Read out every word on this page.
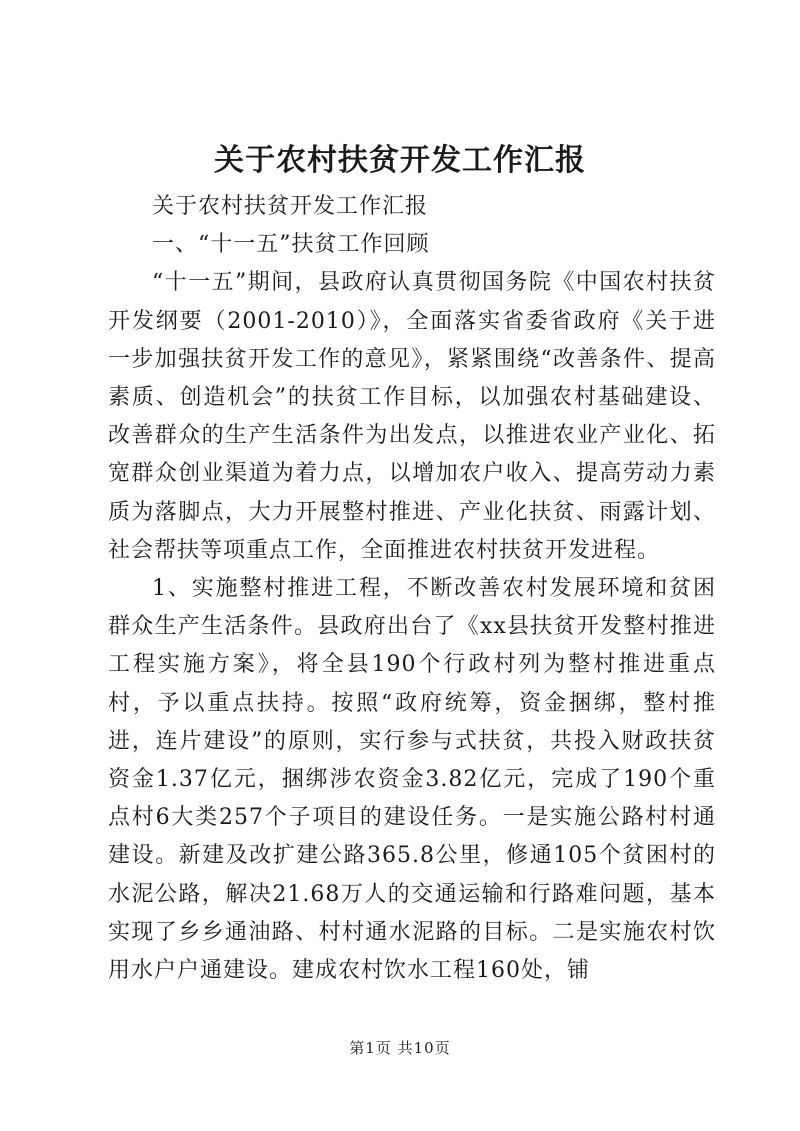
关于农村扶贫开发工作汇报

关于农村扶贫开发工作汇报

一、“十一五”扶贫工作回顾

“十一五”期间，县政府认真贯彻国务院《中国农村扶贫开发纲要（2001-2010）》，全面落实省委省政府《关于进一步加强扶贫开发工作的意见》，紧紧围绕“改善条件、提高素质、创造机会”的扶贫工作目标，以加强农村基础建设、改善群众的生产生活条件为出发点，以推进农业产业化、拓宽群众创业渠道为着力点，以增加农户收入、提高劳动力素质为落脚点，大力开展整村推进、产业化扶贫、雨露计划、社会帮扶等项重点工作，全面推进农村扶贫开发进程。

1、实施整村推进工程，不断改善农村发展环境和贫困群众生产生活条件。县政府出台了《xx县扶贫开发整村推进工程实施方案》，将全县190个行政村列为整村推进重点村，予以重点扶持。按照“政府统筹，资金捆绑，整村推进，连片建设”的原则，实行参与式扶贫，共投入财政扶贫资金1.37亿元，捆绑涉农资金3.82亿元，完成了190个重点村6大类257个子项目的建设任务。一是实施公路村村通建设。新建及改扩建公路365.8公里，修通105个贫困村的水泥公路，解决21.68万人的交通运输和行路难问题，基本实现了乡乡通油路、村村通水泥路的目标。二是实施农村饮用水户户通建设。建成农村饮水工程160处，铺

第1页 共10页
